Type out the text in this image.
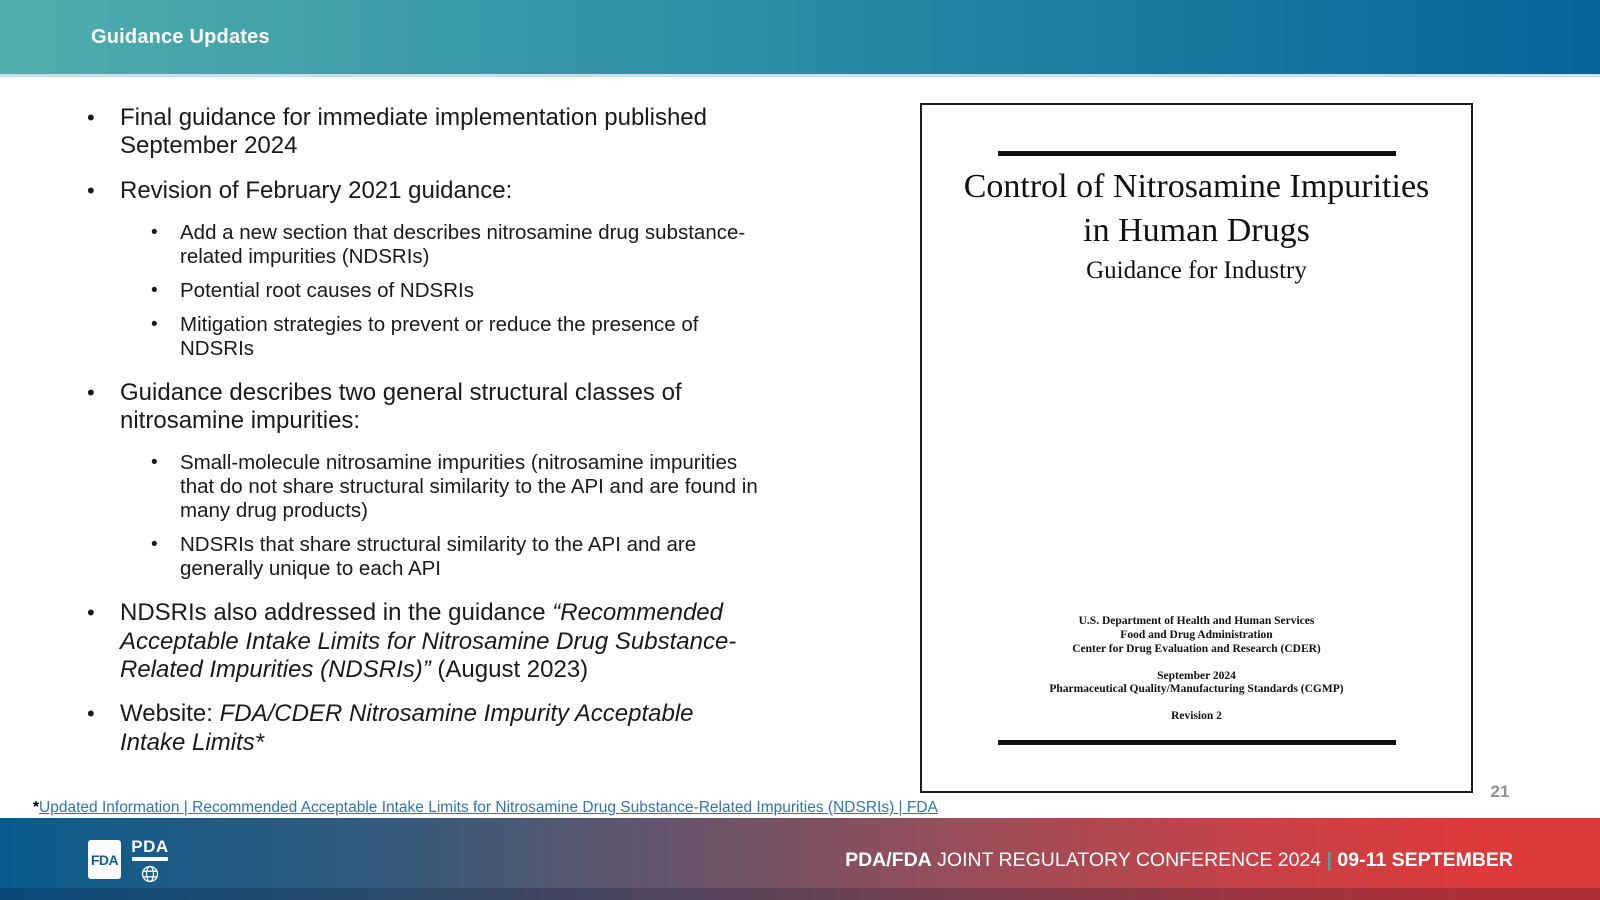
Guidance Updates
• Final guidance for immediate implementation published September 2024
• Revision of February 2021 guidance:
• Add a new section that describes nitrosamine drug substance-related impurities (NDSRIs)
• Potential root causes of NDSRIs
• Mitigation strategies to prevent or reduce the presence of NDSRIs
• Guidance describes two general structural classes of nitrosamine impurities:
• Small-molecule nitrosamine impurities (nitrosamine impurities that do not share structural similarity to the API and are found in many drug products)
• NDSRIs that share structural similarity to the API and are generally unique to each API
• NDSRIs also addressed in the guidance “Recommended Acceptable Intake Limits for Nitrosamine Drug Substance-Related Impurities (NDSRIs)” (August 2023)
• Website: FDA/CDER Nitrosamine Impurity Acceptable Intake Limits*
Control of Nitrosamine Impurities in Human Drugs
Guidance for Industry
U.S. Department of Health and Human Services
Food and Drug Administration
Center for Drug Evaluation and Research (CDER)
September 2024
Pharmaceutical Quality/Manufacturing Standards (CGMP)
Revision 2
21
*Updated Information | Recommended Acceptable Intake Limits for Nitrosamine Drug Substance-Related Impurities (NDSRIs) | FDA
FDA
PDA
PDA/FDA JOINT REGULATORY CONFERENCE 2024 | 09-11 SEPTEMBER
